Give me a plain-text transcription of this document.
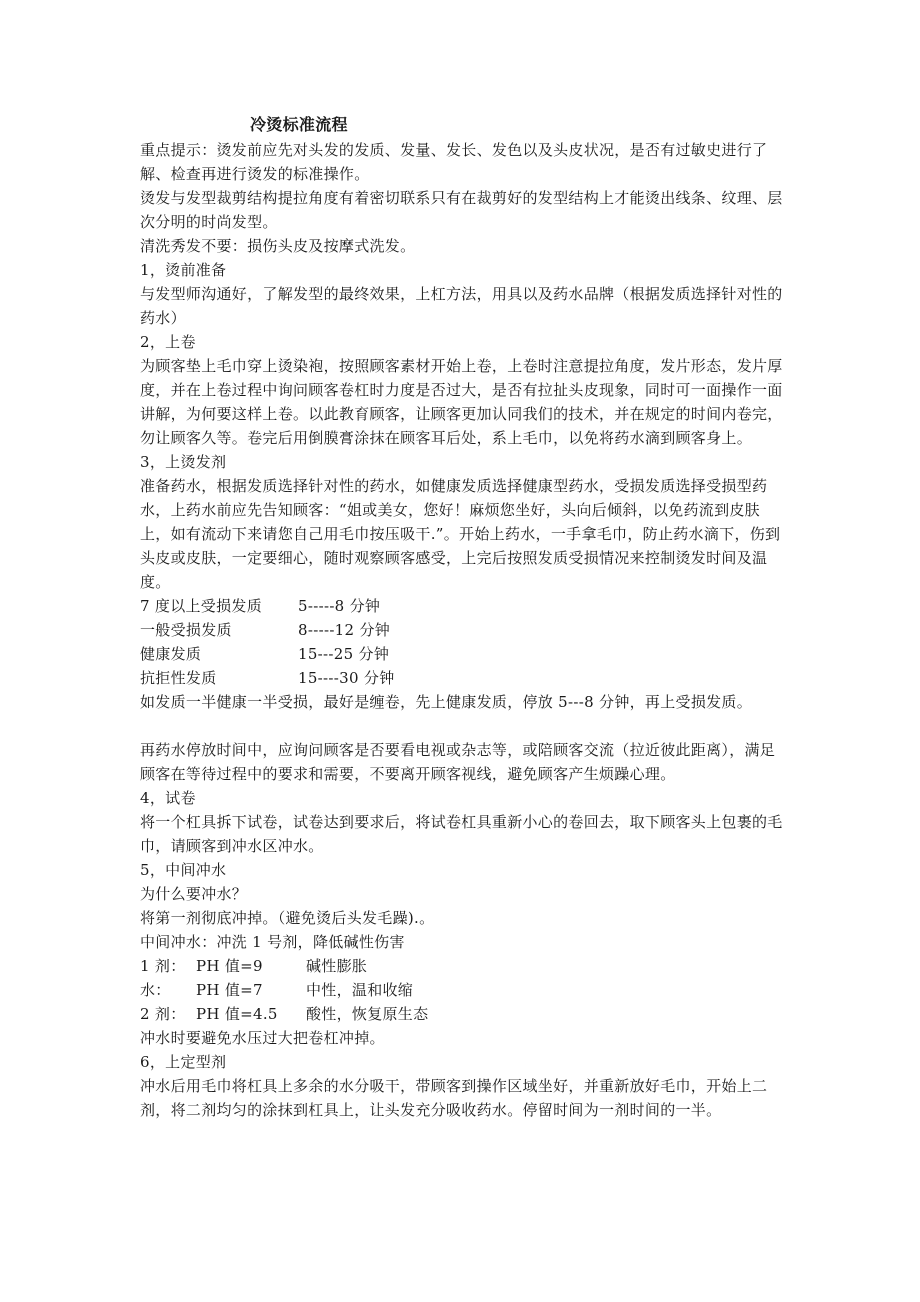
冷烫标准流程
重点提示：烫发前应先对头发的发质、发量、发长、发色以及头皮状况，是否有过敏史进行了解、检查再进行烫发的标准操作。
烫发与发型裁剪结构提拉角度有着密切联系只有在裁剪好的发型结构上才能烫出线条、纹理、层次分明的时尚发型。
清洗秀发不要：损伤头皮及按摩式洗发。
1，烫前准备
与发型师沟通好，了解发型的最终效果，上杠方法，用具以及药水品牌（根据发质选择针对性的药水）
2，上卷
为顾客垫上毛巾穿上烫染袍，按照顾客素材开始上卷，上卷时注意提拉角度，发片形态，发片厚度，并在上卷过程中询问顾客卷杠时力度是否过大，是否有拉扯头皮现象，同时可一面操作一面讲解，为何要这样上卷。以此教育顾客，让顾客更加认同我们的技术，并在规定的时间内卷完，勿让顾客久等。卷完后用倒膜膏涂抹在顾客耳后处，系上毛巾，以免将药水滴到顾客身上。
3，上烫发剂
准备药水，根据发质选择针对性的药水，如健康发质选择健康型药水，受损发质选择受损型药水，上药水前应先告知顾客：“姐或美女，您好！麻烦您坐好，头向后倾斜，以免药流到皮肤上，如有流动下来请您自己用毛巾按压吸干.”。开始上药水，一手拿毛巾，防止药水滴下，伤到头皮或皮肤，一定要细心，随时观察顾客感受，上完后按照发质受损情况来控制烫发时间及温度。
7 度以上受损发质 5-----8 分钟
一般受损发质	8-----12 分钟
健康发质	15---25 分钟
抗拒性发质	15----30 分钟
如发质一半健康一半受损，最好是缠卷，先上健康发质，停放 5---8 分钟，再上受损发质。
再药水停放时间中，应询问顾客是否要看电视或杂志等，或陪顾客交流（拉近彼此距离），满足顾客在等待过程中的要求和需要，不要离开顾客视线，避免顾客产生烦躁心理。
4，试卷
将一个杠具拆下试卷，试卷达到要求后，将试卷杠具重新小心的卷回去，取下顾客头上包裹的毛巾，请顾客到冲水区冲水。
5，中间冲水
为什么要冲水？
将第一剂彻底冲掉。（避免烫后头发毛躁).。
中间冲水：冲洗 1 号剂，降低碱性伤害
1 剂： PH 值=9	碱性膨胀
水： PH 值=7	中性，温和收缩
2 剂： PH 值=4.5 酸性，恢复原生态
冲水时要避免水压过大把卷杠冲掉。
6，上定型剂
冲水后用毛巾将杠具上多余的水分吸干，带顾客到操作区域坐好，并重新放好毛巾，开始上二剂，将二剂均匀的涂抹到杠具上，让头发充分吸收药水。停留时间为一剂时间的一半。
